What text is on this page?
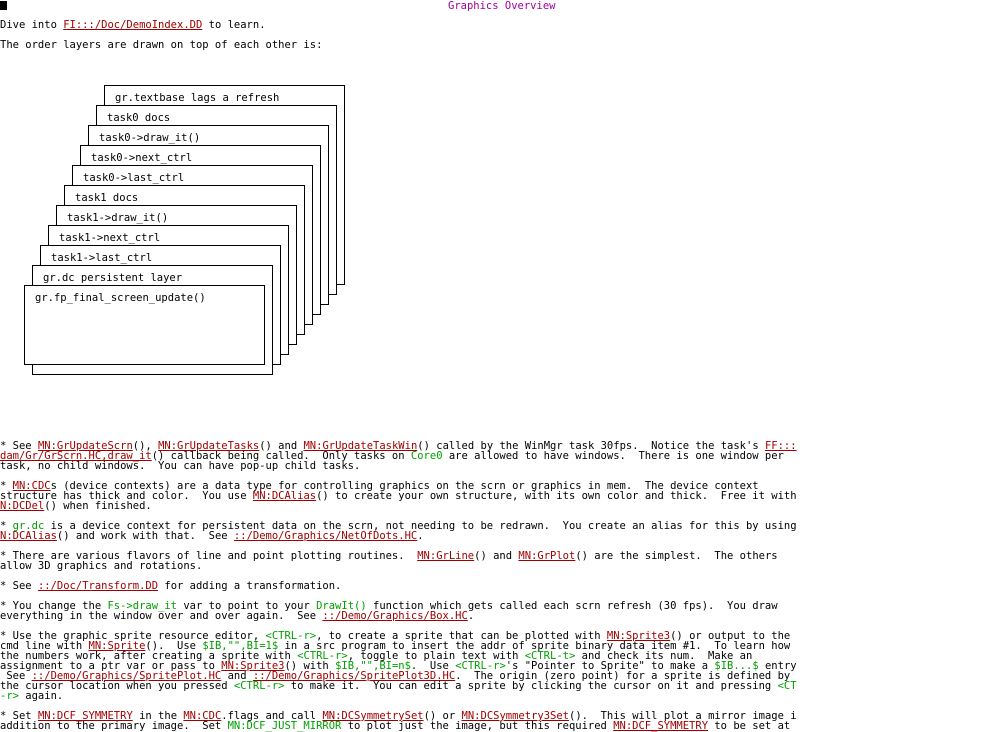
Graphics Overview
Dive into FI:::/Doc/DemoIndex.DD to learn.
The order layers are drawn on top of each other is:
gr.textbase lags a refresh
task0 docs
task0->draw_it()
task0->next_ctrl
task0->last_ctrl
task1 docs
task1->draw_it()
task1->next_ctrl
task1->last_ctrl
gr.dc persistent layer
gr.fp_final_screen_update()
* See MN:GrUpdateScrn(), MN:GrUpdateTasks() and MN:GrUpdateTaskWin() called by the WinMgr task 30fps.  Notice the task's FF:::
dam/Gr/GrScrn.HC,draw_it() callback being called.  Only tasks on Core0 are allowed to have windows.  There is one window per
task, no child windows.  You can have pop-up child tasks.
* MN:CDCs (device contexts) are a data type for controlling graphics on the scrn or graphics in mem.  The device context
structure has thick and color.  You use MN:DCAlias() to create your own structure, with its own color and thick.  Free it with
N:DCDel() when finished.
* gr.dc is a device context for persistent data on the scrn, not needing to be redrawn.  You create an alias for this by using
N:DCAlias() and work with that.  See ::/Demo/Graphics/NetOfDots.HC.
* There are various flavors of line and point plotting routines.  MN:GrLine() and MN:GrPlot() are the simplest.  The others
allow 3D graphics and rotations.
* See ::/Doc/Transform.DD for adding a transformation.
* You change the Fs->draw_it var to point to your DrawIt() function which gets called each scrn refresh (30 fps).  You draw
everything in the window over and over again.  See ::/Demo/Graphics/Box.HC.
* Use the graphic sprite resource editor, <CTRL-r>, to create a sprite that can be plotted with MN:Sprite3() or output to the
cmd line with MN:Sprite().  Use $IB,"",BI=1$ in a src program to insert the addr of sprite binary data item #1.  To learn how
the numbers work, after creating a sprite with <CTRL-r>, toggle to plain text with <CTRL-t> and check its num.  Make an
assignment to a ptr var or pass to MN:Sprite3() with $IB,"",BI=n$.  Use <CTRL-r>'s "Pointer to Sprite" to make a $IB...$ entry
See ::/Demo/Graphics/SpritePlot.HC and ::/Demo/Graphics/SpritePlot3D.HC.  The origin (zero point) for a sprite is defined by
the cursor location when you pressed <CTRL-r> to make it.  You can edit a sprite by clicking the cursor on it and pressing <CT
-r> again.
* Set MN:DCF_SYMMETRY in the MN:CDC.flags and call MN:DCSymmetrySet() or MN:DCSymmetry3Set().  This will plot a mirror image i
addition to the primary image.  Set MN:DCF_JUST_MIRROR to plot just the image, but this required MN:DCF_SYMMETRY to be set at
